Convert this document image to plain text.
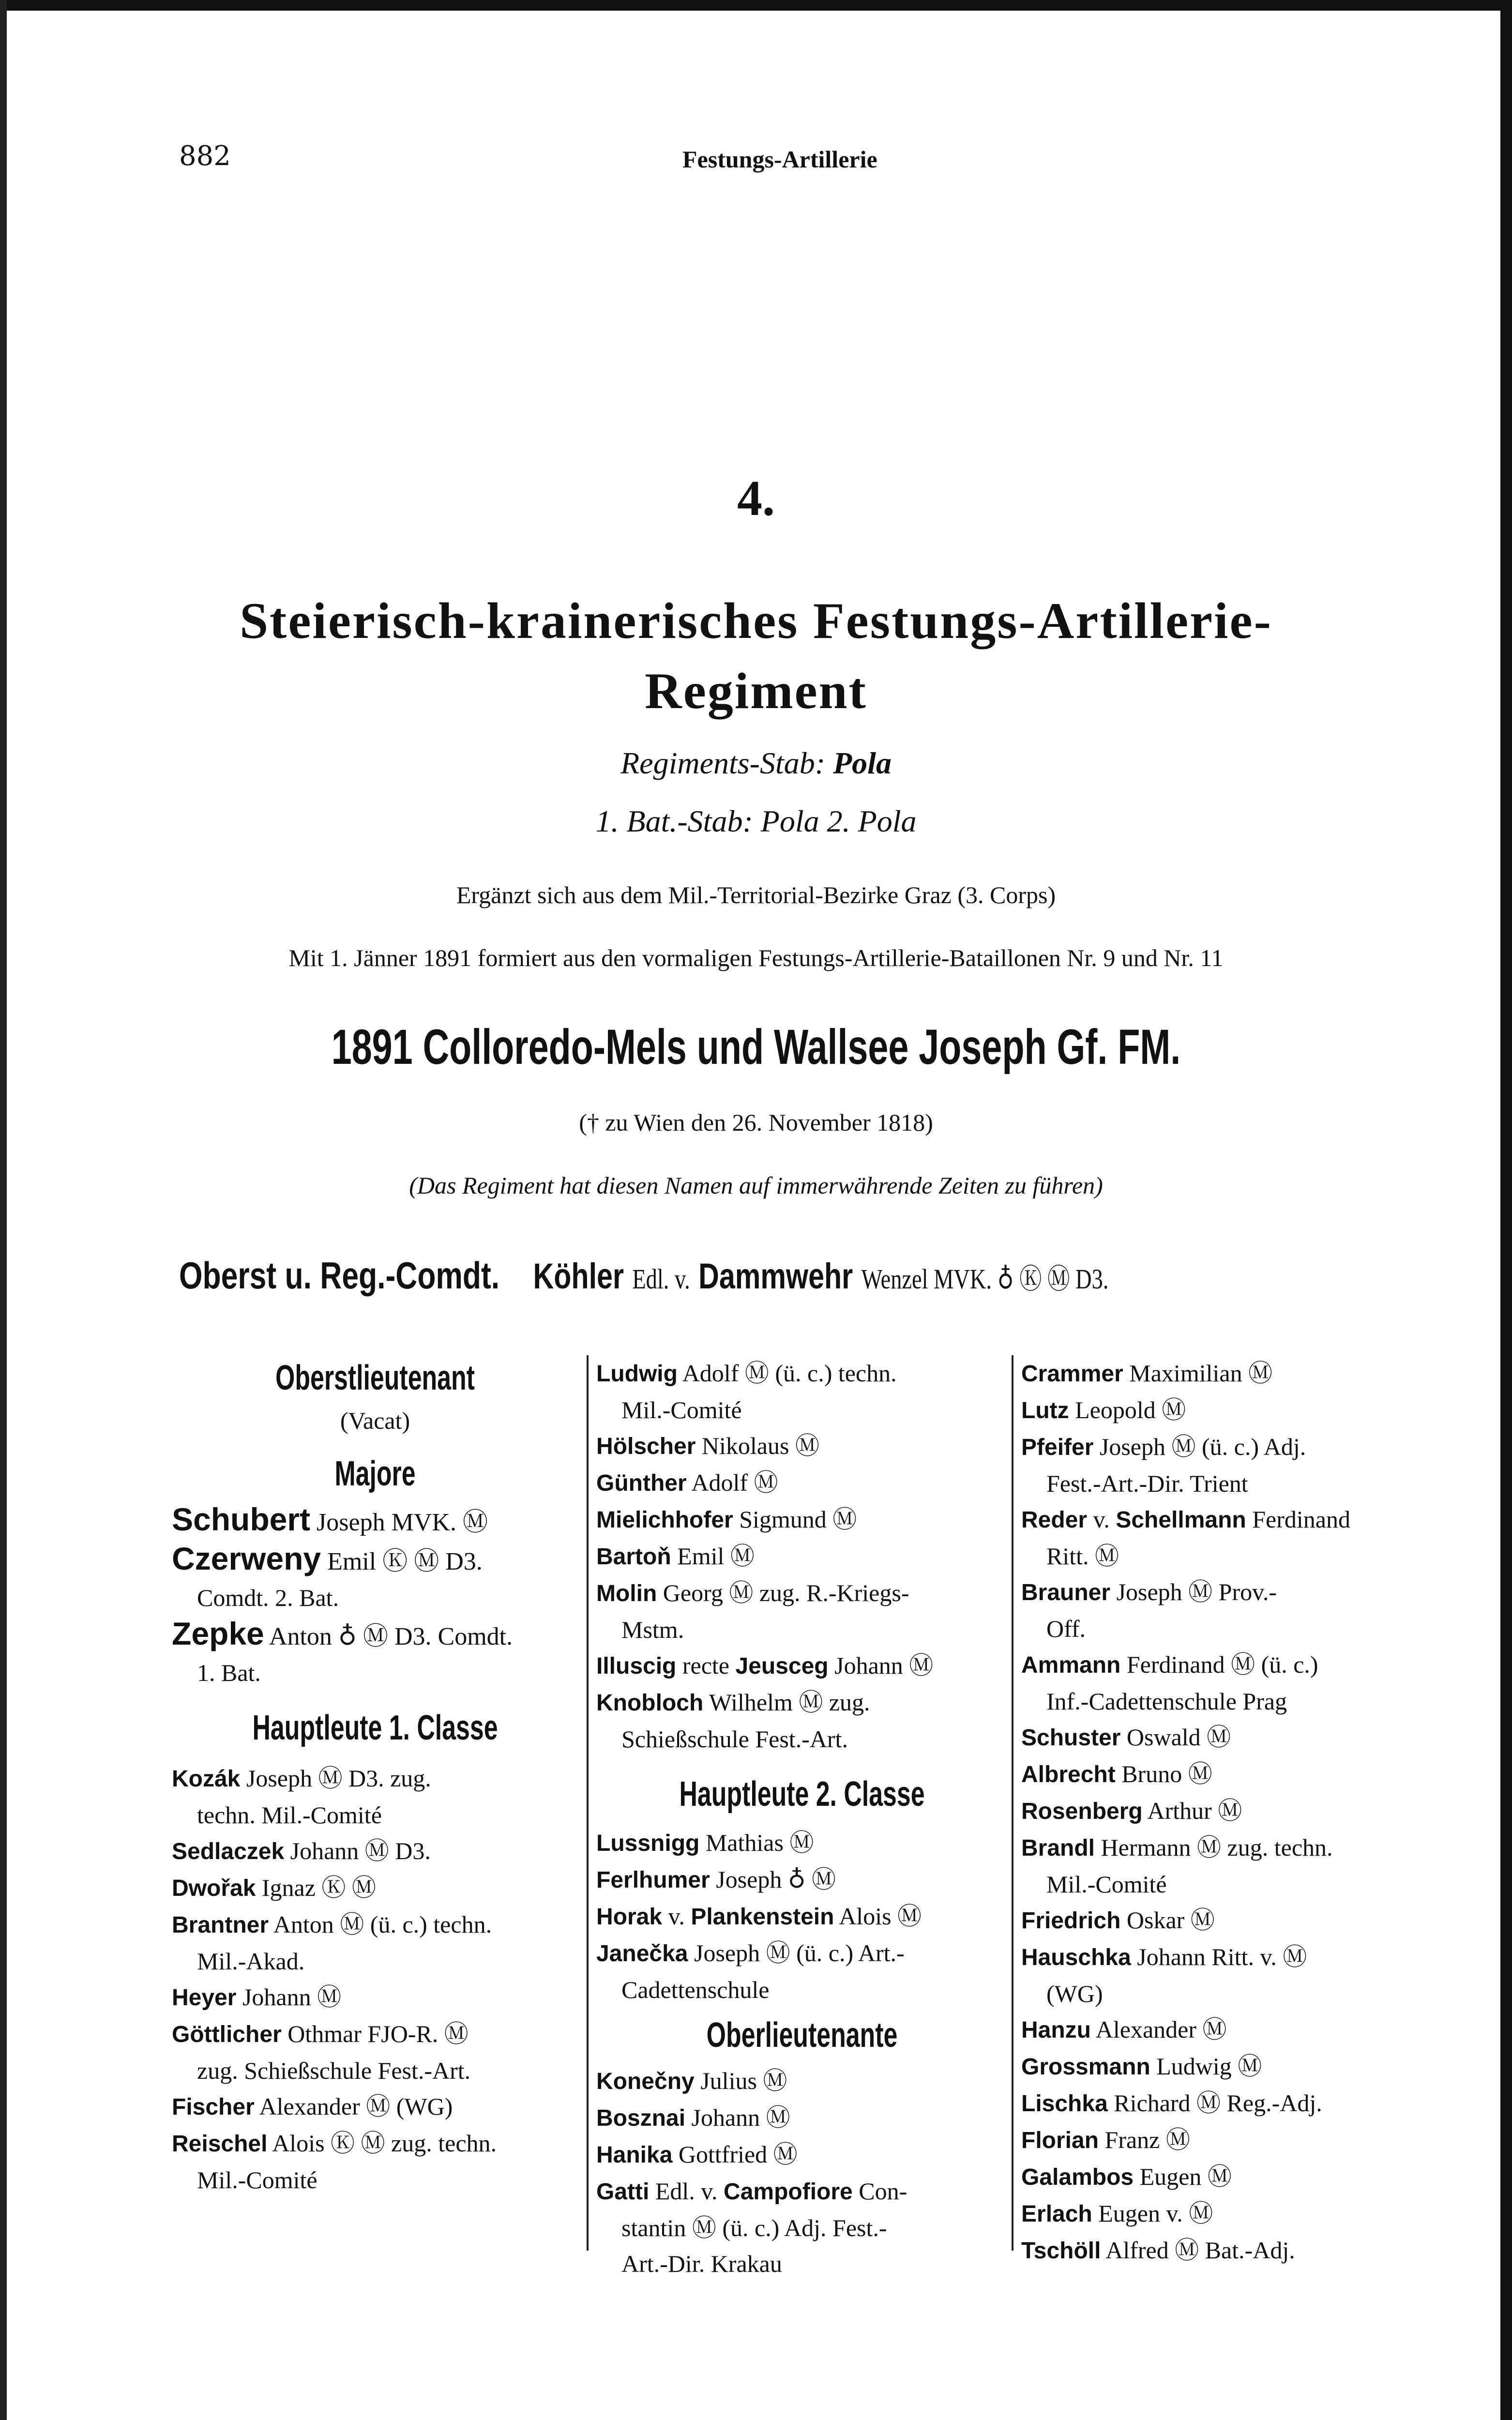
882	Festungs-Artillerie
4.
Steierisch-krainerisches Festungs-Artillerie-
Regiment
Regiments-Stab: Pola
1. Bat.-Stab: Pola 2. Pola
Ergänzt sich aus dem Mil.-Territorial-Bezirke Graz (3. Corps)
Mit 1. Jänner 1891 formiert aus den vormaligen Festungs-Artillerie-Bataillonen Nr. 9 und Nr. 11
1891 Colloredo-Mels und Wallsee Joseph Gf. FM.
(† zu Wien den 26. November 1818)
(Das Regiment hat diesen Namen auf immerwährende Zeiten zu führen)
Oberst u. Reg.-Comdt. Köhler Edl. v. Dammwehr Wenzel MVK. ♁ Ⓚ Ⓜ D3.
Oberstlieutenant
(Vacat)
Majore
Schubert Joseph MVK. Ⓜ
Czerweny Emil Ⓚ Ⓜ D3.
Comdt. 2. Bat.
Zepke Anton ♁ Ⓜ D3. Comdt.
1. Bat.
Hauptleute 1. Classe
Kozák Joseph Ⓜ D3. zug.
techn. Mil.-Comité
Sedlaczek Johann Ⓜ D3.
Dwořak Ignaz Ⓚ Ⓜ
Brantner Anton Ⓜ (ü. c.) techn.
Mil.-Akad.
Heyer Johann Ⓜ
Göttlicher Othmar FJO-R. Ⓜ
zug. Schießschule Fest.-Art.
Fischer Alexander Ⓜ (WG)
Reischel Alois Ⓚ Ⓜ zug. techn.
Mil.-Comité
Ludwig Adolf Ⓜ (ü. c.) techn.
Mil.-Comité
Hölscher Nikolaus Ⓜ
Günther Adolf Ⓜ
Mielichhofer Sigmund Ⓜ
Bartoň Emil Ⓜ
Molin Georg Ⓜ zug. R.-Kriegs-
Mstm.
Illuscig recte Jeusceg Johann Ⓜ
Knobloch Wilhelm Ⓜ zug.
Schießschule Fest.-Art.
Hauptleute 2. Classe
Lussnigg Mathias Ⓜ
Ferlhumer Joseph ♁ Ⓜ
Horak v. Plankenstein Alois Ⓜ
Janečka Joseph Ⓜ (ü. c.) Art.-
Cadettenschule
Oberlieutenante
Konečny Julius Ⓜ
Bosznai Johann Ⓜ
Hanika Gottfried Ⓜ
Gatti Edl. v. Campofiore Con-
stantin Ⓜ (ü. c.) Adj. Fest.-
Art.-Dir. Krakau
Crammer Maximilian Ⓜ
Lutz Leopold Ⓜ
Pfeifer Joseph Ⓜ (ü. c.) Adj.
Fest.-Art.-Dir. Trient
Reder v. Schellmann Ferdinand
Ritt. Ⓜ
Brauner Joseph Ⓜ Prov.-
Off.
Ammann Ferdinand Ⓜ (ü. c.)
Inf.-Cadettenschule Prag
Schuster Oswald Ⓜ
Albrecht Bruno Ⓜ
Rosenberg Arthur Ⓜ
Brandl Hermann Ⓜ zug. techn.
Mil.-Comité
Friedrich Oskar Ⓜ
Hauschka Johann Ritt. v. Ⓜ
(WG)
Hanzu Alexander Ⓜ
Grossmann Ludwig Ⓜ
Lischka Richard Ⓜ Reg.-Adj.
Florian Franz Ⓜ
Galambos Eugen Ⓜ
Erlach Eugen v. Ⓜ
Tschöll Alfred Ⓜ Bat.-Adj.
